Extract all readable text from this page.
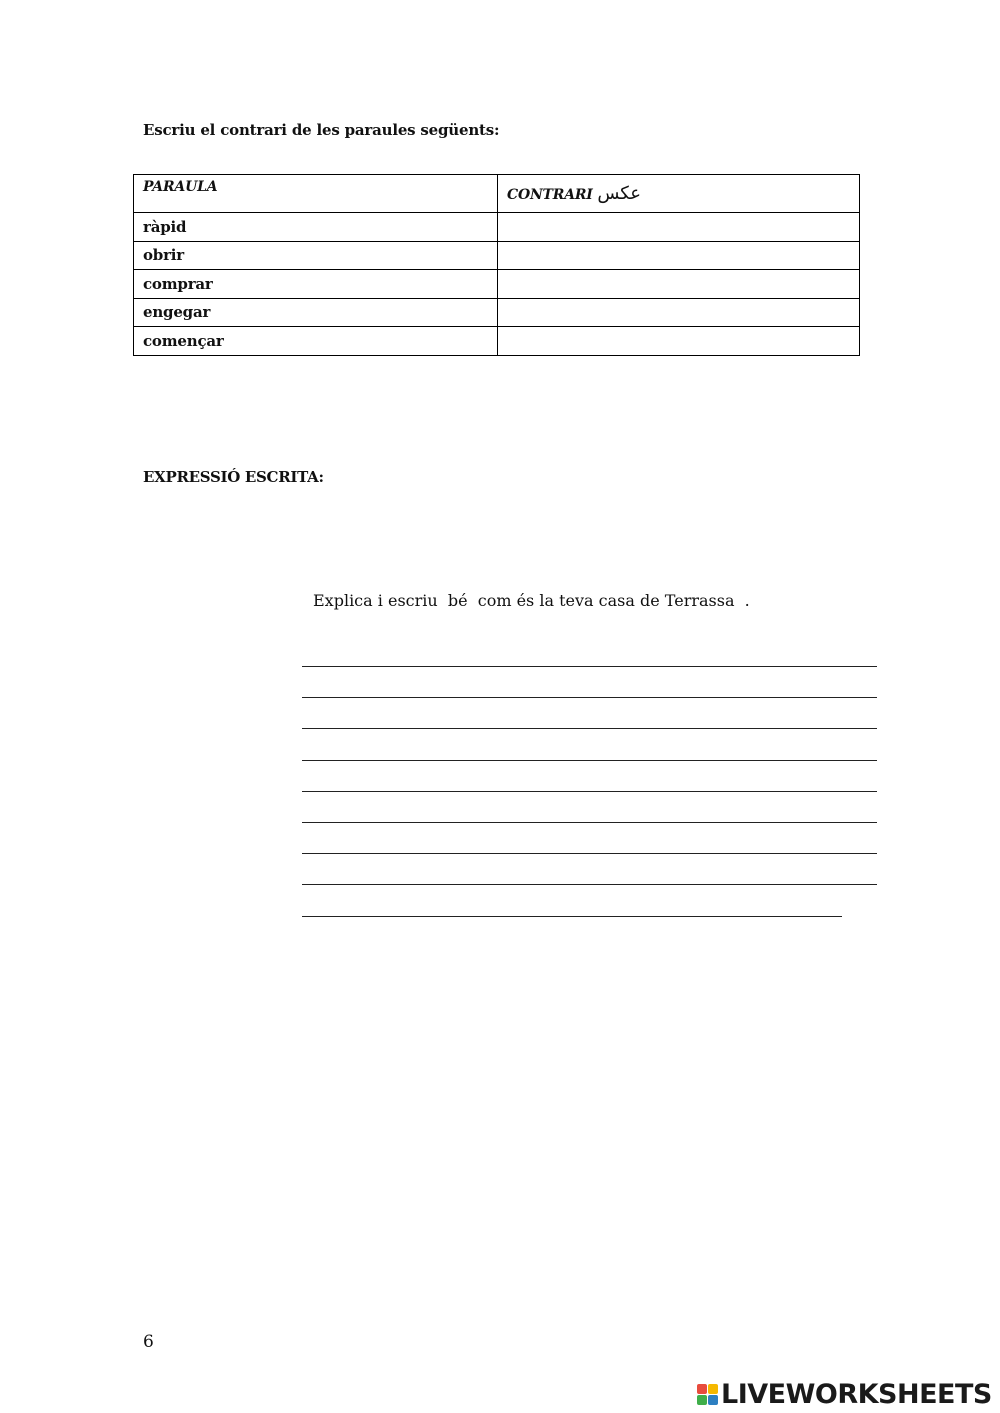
Escriu el contrari de les paraules següents:
PARAULA	CONTRARI عكس
ràpid	
obrir	
comprar	
engegar	
començar	
EXPRESSIÓ ESCRITA:
Explica i escriu  bé  com és la teva casa de Terrassa  .
6
LIVEWORKSHEETS
